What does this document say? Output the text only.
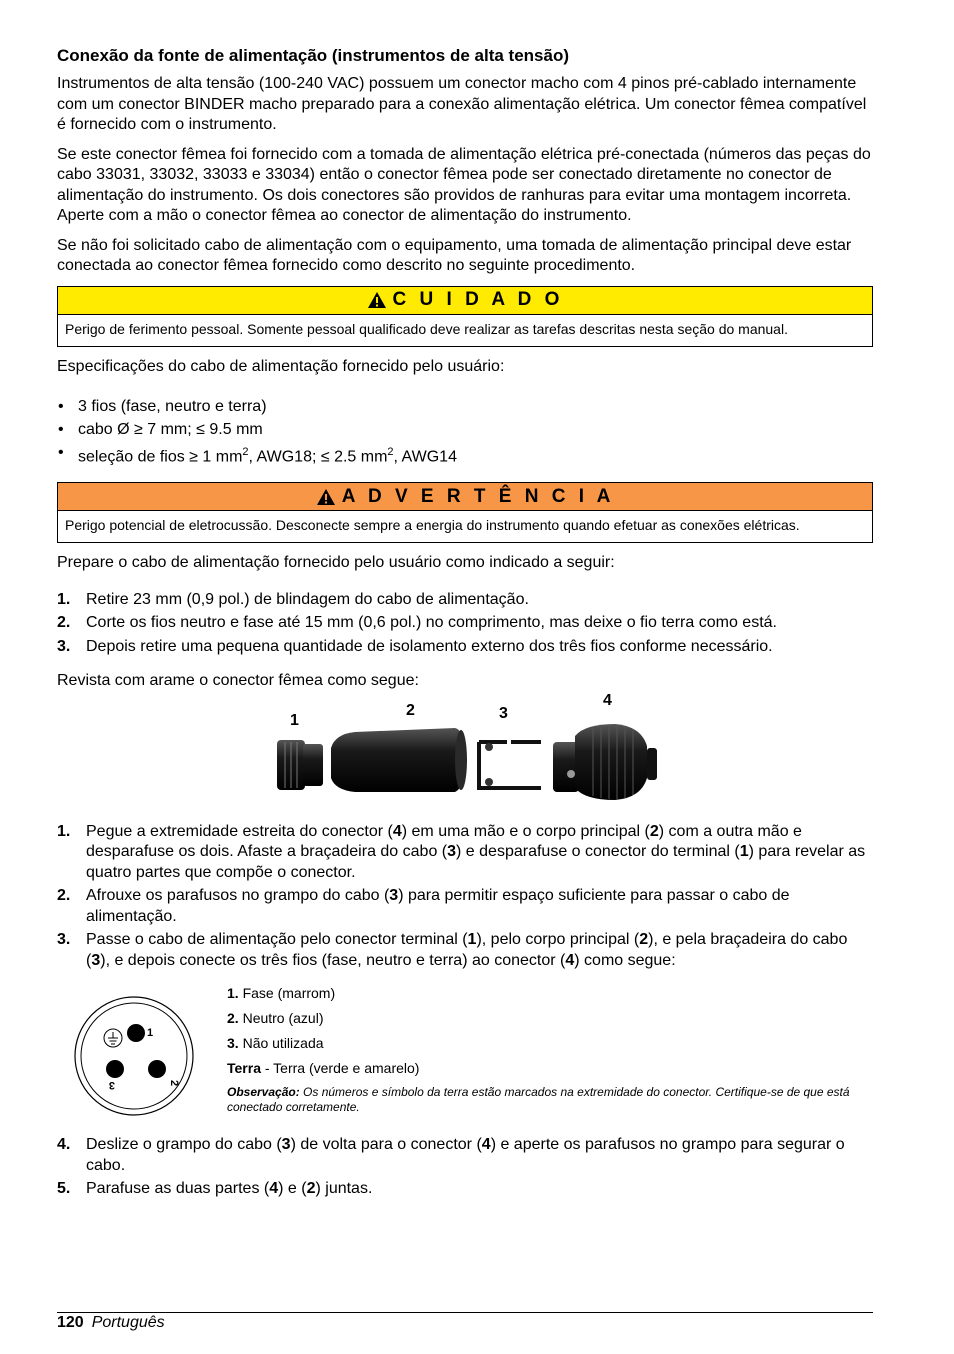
Conexão da fonte de alimentação (instrumentos de alta tensão)

Instrumentos de alta tensão (100-240 VAC) possuem um conector macho com 4 pinos pré-cablado internamente com um conector BINDER macho preparado para a conexão alimentação elétrica. Um conector fêmea compatível é fornecido com o instrumento.

Se este conector fêmea foi fornecido com a tomada de alimentação elétrica pré-conectada (números das peças do cabo 33031, 33032, 33033 e 33034) então o conector fêmea pode ser conectado diretamente no conector de alimentação do instrumento. Os dois conectores são providos de ranhuras para evitar uma montagem incorreta. Aperte com a mão o conector fêmea ao conector de alimentação do instrumento.

Se não foi solicitado cabo de alimentação com o equipamento, uma tomada de alimentação principal deve estar conectada ao conector fêmea fornecido como descrito no seguinte procedimento.

C U I D A D O
Perigo de ferimento pessoal. Somente pessoal qualificado deve realizar as tarefas descritas nesta seção do manual.

Especificações do cabo de alimentação fornecido pelo usuário:

• 3 fios (fase, neutro e terra)
• cabo Ø ≥ 7 mm; ≤ 9.5 mm
• seleção de fios ≥ 1 $mm^2$, AWG18; ≤ 2.5 $mm^2$, AWG14
A D V E R T Ê N C I A
Perigo potencial de eletrocussão. Desconecte sempre a energia do instrumento quando efetuar as conexões elétricas.

Prepare o cabo de alimentação fornecido pelo usuário como indicado a seguir:

1. Retire 23 mm (0,9 pol.) de blindagem do cabo de alimentação.
2. Corte os fios neutro e fase até 15 mm (0,6 pol.) no comprimento, mas deixe o fio terra como está.
3. Depois retire uma pequena quantidade de isolamento externo dos três fios conforme necessário.

Revista com arame o conector fêmea como segue:

1
2	3
4
1. Pegue a extremidade estreita do conector (4) em uma mão e o corpo principal (2) com a outra mão e desparafuse os dois. Afaste a braçadeira do cabo (3) e desparafuse o conector do terminal (1) para revelar as quatro partes que compõe o conector.
2. Afrouxe os parafusos no grampo do cabo (3) para permitir espaço suficiente para passar o cabo de alimentação.
3. Passe o cabo de alimentação pelo conector terminal (1), pelo corpo principal (2), e pela braçadeira do cabo (3), e depois conecte os três fios (fase, neutro e terra) ao conector (4) como segue:
1
2
3
1. Fase (marrom)
2. Neutro (azul)
3. Não utilizada
Terra - Terra (verde e amarelo)
Observação: Os números e símbolo da terra estão marcados na extremidade do conector. Certifique-se de que está conectado corretamente.
4. Deslize o grampo do cabo (3) de volta para o conector (4) e aperte os parafusos no grampo para segurar o cabo.
5. Parafuse as duas partes (4) e (2) juntas.
120 Português
